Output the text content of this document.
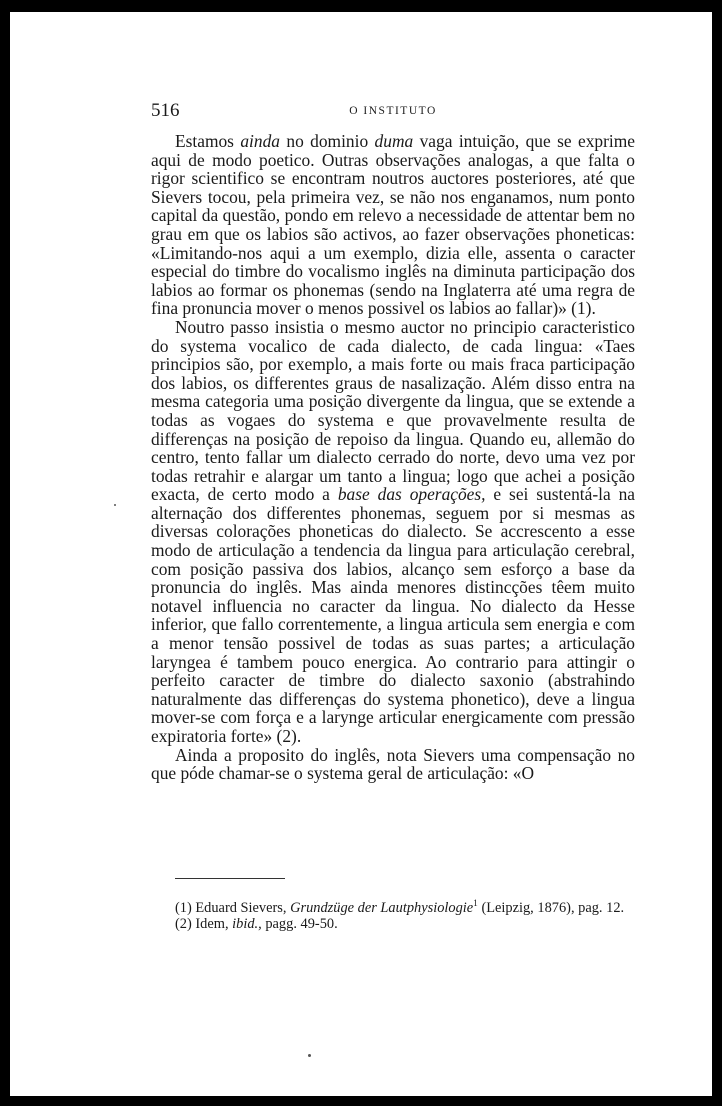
516	O INSTITUTO

Estamos ainda no dominio duma vaga intuição, que se exprime aqui de modo poetico. Outras observações analogas, a que falta o rigor scientifico se encontram noutros auctores posteriores, até que Sievers tocou, pela primeira vez, se não nos enganamos, num ponto capital da questão, pondo em relevo a necessidade de attentar bem no grau em que os labios são activos, ao fazer observações phoneticas: «Limitando-nos aqui a um exemplo, dizia elle, assenta o caracter especial do timbre do vocalismo inglês na diminuta participação dos labios ao formar os phonemas (sendo na Inglaterra até uma regra de fina pronuncia mover o menos possivel os labios ao fallar)» (1).

Noutro passo insistia o mesmo auctor no principio caracteristico do systema vocalico de cada dialecto, de cada lingua: «Taes principios são, por exemplo, a mais forte ou mais fraca participação dos labios, os differentes graus de nasalização. Além disso entra na mesma categoria uma posição divergente da lingua, que se extende a todas as vogaes do systema e que provavelmente resulta de differenças na posição de repoiso da lingua. Quando eu, allemão do centro, tento fallar um dialecto cerrado do norte, devo uma vez por todas retrahir e alargar um tanto a lingua; logo que achei a posição exacta, de certo modo a base das operações, e sei sustentá-la na alternação dos differentes phonemas, seguem por si mesmas as diversas colorações phoneticas do dialecto. Se accrescento a esse modo de articulação a tendencia da lingua para articulação cerebral, com posição passiva dos labios, alcanço sem esforço a base da pronuncia do inglês. Mas ainda menores distincções têem muito notavel influencia no caracter da lingua. No dialecto da Hesse inferior, que fallo correntemente, a lingua articula sem energia e com a menor tensão possivel de todas as suas partes; a articulação laryngea é tambem pouco energica. Ao contrario para attingir o perfeito caracter de timbre do dialecto saxonio (abstrahindo naturalmente das differenças do systema phonetico), deve a lingua mover-se com força e a larynge articular energicamente com pressão expiratoria forte» (2).

Ainda a proposito do inglês, nota Sievers uma compensação no que póde chamar-se o systema geral de articulação: «O

(1) Eduard Sievers, Grundzüge der Lautphysiologie$^1$ (Leipzig, 1876), pag. 12.

(2) Idem, ibid., pagg. 49-50.
